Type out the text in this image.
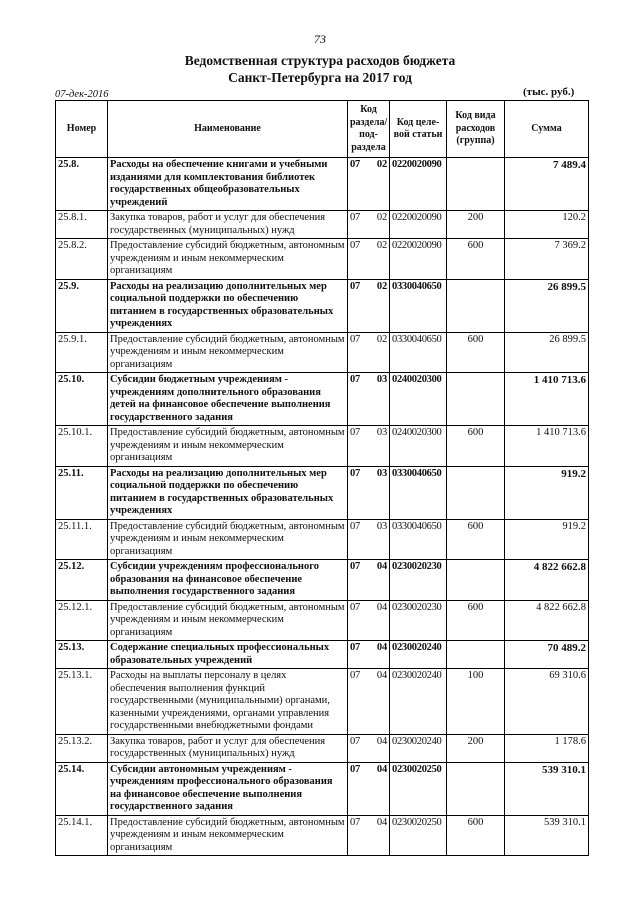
73
Ведомственная структура расходов бюджета
Санкт-Петербурга на 2017 год
07-дек-2016	(тыс. руб.)
Номер	Наименование	Код раздела/ под- раздела	Код целе- вой статьи	Код вида расходов (группа)	Сумма
25.8.	Расходы на обеспечение книгами и учебными изданиями для комплектования библиотек государственных общеобразовательных учреждений	07 02	0220020090		7 489.4
25.8.1.	Закупка товаров, работ и услуг для обеспечения государственных (муниципальных) нужд	07 02	0220020090	200	120.2
25.8.2.	Предоставление субсидий бюджетным, автономным учреждениям и иным некоммерческим организациям	07 02	0220020090	600	7 369.2
25.9.	Расходы на реализацию дополнительных мер социальной поддержки по обеспечению питанием в государственных образовательных учреждениях	07 02	0330040650		26 899.5
25.9.1.	Предоставление субсидий бюджетным, автономным учреждениям и иным некоммерческим организациям	07 02	0330040650	600	26 899.5
25.10.	Субсидии бюджетным учреждениям - учреждениям дополнительного образования детей на финансовое обеспечение выполнения государственного задания	07 03	0240020300		1 410 713.6
25.10.1.	Предоставление субсидий бюджетным, автономным учреждениям и иным некоммерческим организациям	07 03	0240020300	600	1 410 713.6
25.11.	Расходы на реализацию дополнительных мер социальной поддержки по обеспечению питанием в государственных образовательных учреждениях	07 03	0330040650		919.2
25.11.1.	Предоставление субсидий бюджетным, автономным учреждениям и иным некоммерческим организациям	07 03	0330040650	600	919.2
25.12.	Субсидии учреждениям профессионального образования на финансовое обеспечение выполнения государственного задания	07 04	0230020230		4 822 662.8
25.12.1.	Предоставление субсидий бюджетным, автономным учреждениям и иным некоммерческим организациям	07 04	0230020230	600	4 822 662.8
25.13.	Содержание специальных профессиональных образовательных учреждений	07 04	0230020240		70 489.2
25.13.1.	Расходы на выплаты персоналу в целях обеспечения выполнения функций государственными (муниципальными) органами, казенными учреждениями, органами управления государственными внебюджетными фондами	07 04	0230020240	100	69 310.6
25.13.2.	Закупка товаров, работ и услуг для обеспечения государственных (муниципальных) нужд	07 04	0230020240	200	1 178.6
25.14.	Субсидии автономным учреждениям - учреждениям профессионального образования на финансовое обеспечение выполнения государственного задания	07 04	0230020250		539 310.1
25.14.1.	Предоставление субсидий бюджетным, автономным учреждениям и иным некоммерческим организациям	07 04	0230020250	600	539 310.1
